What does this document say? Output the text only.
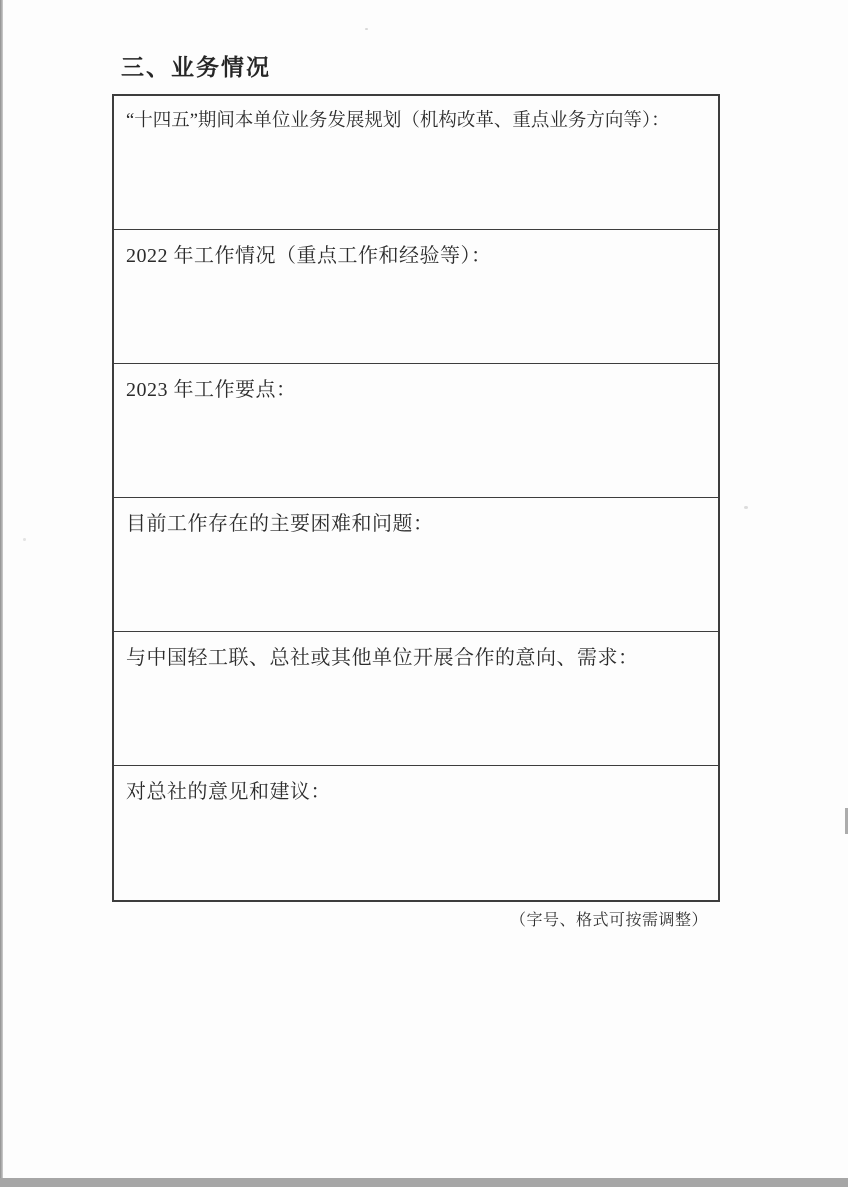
三、业务情况
“十四五”期间本单位业务发展规划（机构改革、重点业务方向等）：
2022 年工作情况（重点工作和经验等）：
2023 年工作要点：
目前工作存在的主要困难和问题：
与中国轻工联、总社或其他单位开展合作的意向、需求：
对总社的意见和建议：
（字号、格式可按需调整）
